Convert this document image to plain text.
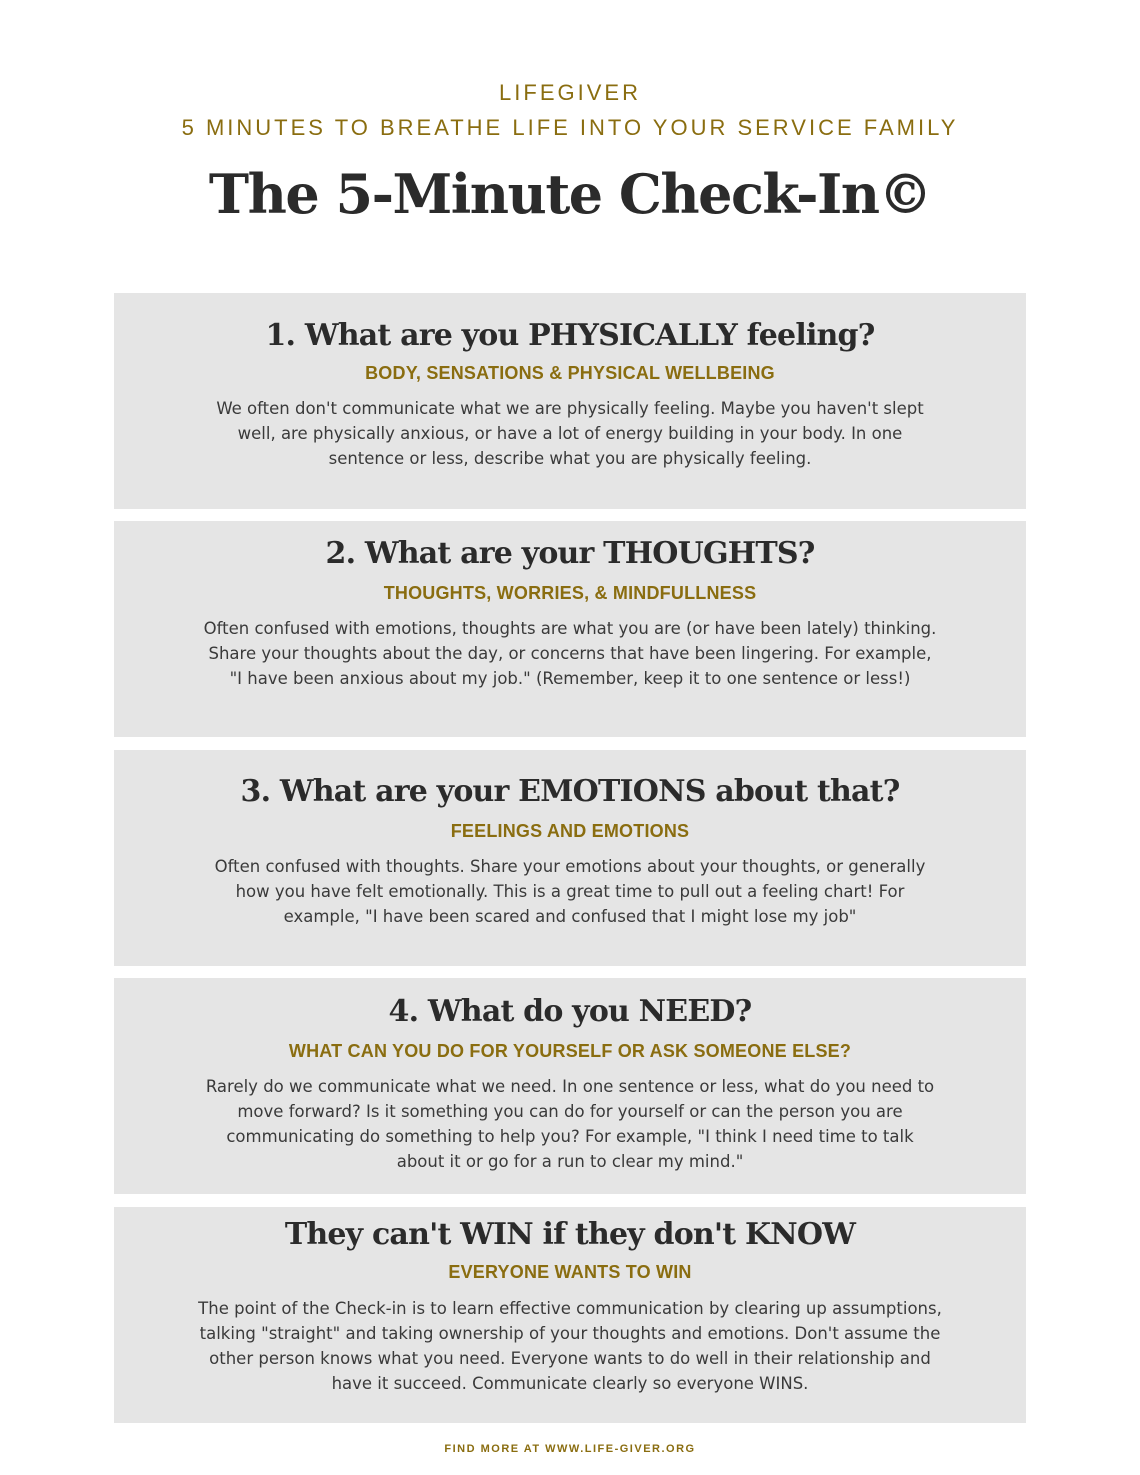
LIFEGIVER
5 MINUTES TO BREATHE LIFE INTO YOUR SERVICE FAMILY
The 5-Minute Check-In©
1. What are you PHYSICALLY feeling?
BODY, SENSATIONS & PHYSICAL WELLBEING

We often don't communicate what we are physically feeling. Maybe you haven't slept
well, are physically anxious, or have a lot of energy building in your body. In one
sentence or less, describe what you are physically feeling.

2. What are your THOUGHTS?
THOUGHTS, WORRIES, & MINDFULLNESS

Often confused with emotions, thoughts are what you are (or have been lately) thinking.
Share your thoughts about the day, or concerns that have been lingering. For example,
"I have been anxious about my job." (Remember, keep it to one sentence or less!)

3. What are your EMOTIONS about that?
FEELINGS AND EMOTIONS

Often confused with thoughts. Share your emotions about your thoughts, or generally
how you have felt emotionally. This is a great time to pull out a feeling chart! For
example, "I have been scared and confused that I might lose my job"

4. What do you NEED?
WHAT CAN YOU DO FOR YOURSELF OR ASK SOMEONE ELSE?

Rarely do we communicate what we need. In one sentence or less, what do you need to
move forward? Is it something you can do for yourself or can the person you are
communicating do something to help you? For example, "I think I need time to talk
about it or go for a run to clear my mind."

They can't WIN if they don't KNOW
EVERYONE WANTS TO WIN

The point of the Check-in is to learn effective communication by clearing up assumptions,
talking "straight" and taking ownership of your thoughts and emotions. Don't assume the
other person knows what you need. Everyone wants to do well in their relationship and
have it succeed. Communicate clearly so everyone WINS.

FIND MORE AT WWW.LIFE-GIVER.ORG
